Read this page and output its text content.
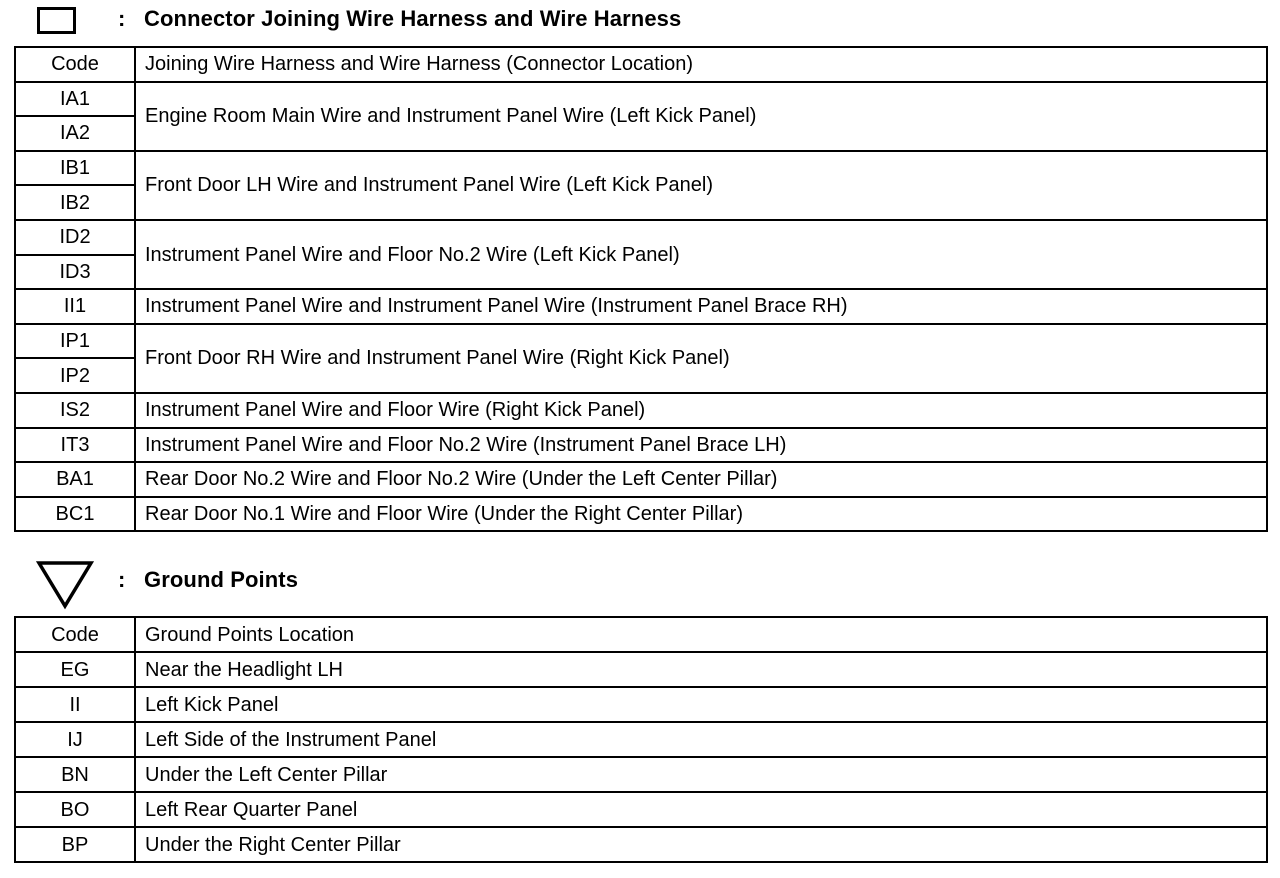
: Connector Joining Wire Harness and Wire Harness
Code	Joining Wire Harness and Wire Harness (Connector Location)
IA1	Engine Room Main Wire and Instrument Panel Wire (Left Kick Panel)
IA2	
IB1	Front Door LH Wire and Instrument Panel Wire (Left Kick Panel)
IB2	
ID2	Instrument Panel Wire and Floor No.2 Wire (Left Kick Panel)
ID3	
II1	Instrument Panel Wire and Instrument Panel Wire (Instrument Panel Brace RH)
IP1	Front Door RH Wire and Instrument Panel Wire (Right Kick Panel)
IP2	
IS2	Instrument Panel Wire and Floor Wire (Right Kick Panel)
IT3	Instrument Panel Wire and Floor No.2 Wire (Instrument Panel Brace LH)
BA1	Rear Door No.2 Wire and Floor No.2 Wire (Under the Left Center Pillar)
BC1	Rear Door No.1 Wire and Floor Wire (Under the Right Center Pillar)
: Ground Points
Code	Ground Points Location
EG	Near the Headlight LH
II	Left Kick Panel
IJ	Left Side of the Instrument Panel
BN	Under the Left Center Pillar
BO	Left Rear Quarter Panel
BP	Under the Right Center Pillar
